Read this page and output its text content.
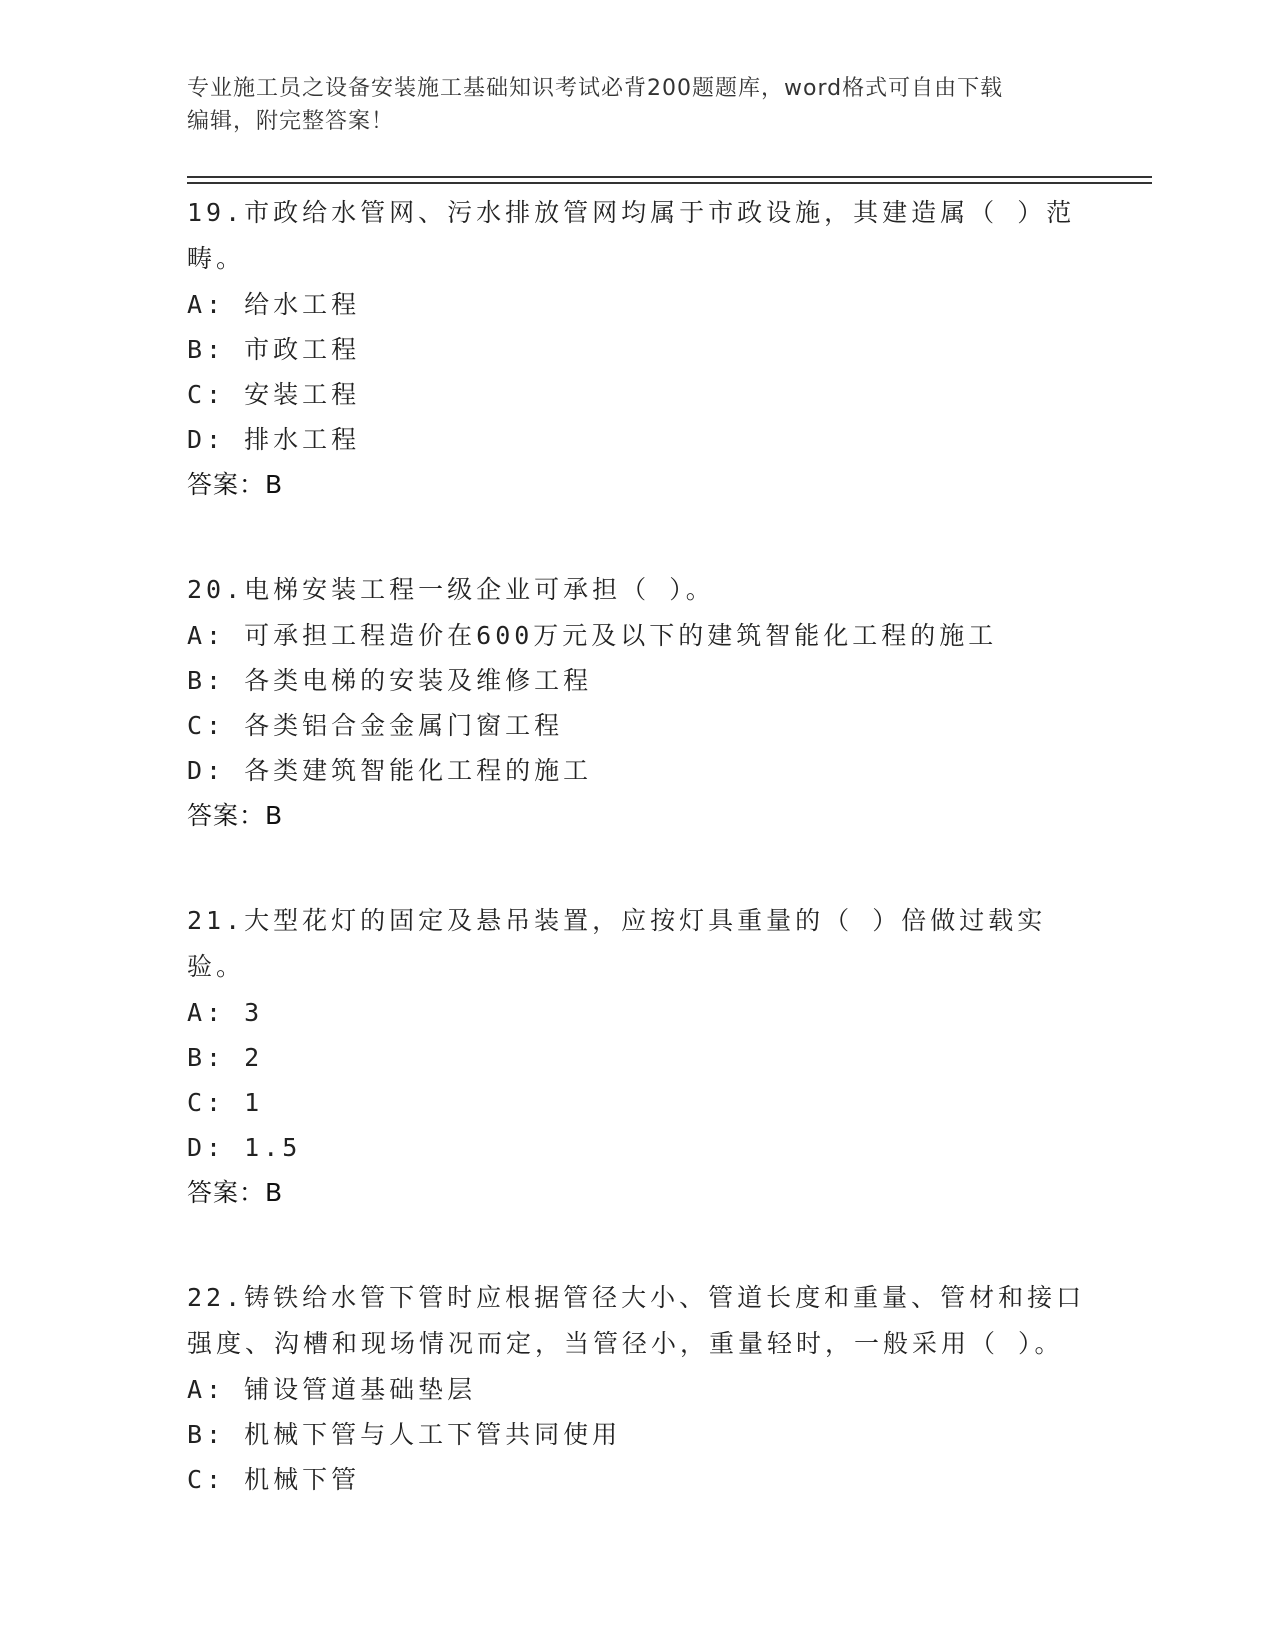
专业施工员之设备安装施工基础知识考试必背200题题库，word格式可自由下载
编辑，附完整答案！

19.市政给水管网、污水排放管网均属于市政设施，其建造属（ ）范畴。

A: 给水工程

B: 市政工程

C: 安装工程

D: 排水工程

答案：B

20.电梯安装工程一级企业可承担（ ）。

A: 可承担工程造价在600万元及以下的建筑智能化工程的施工

B: 各类电梯的安装及维修工程

C: 各类铝合金金属门窗工程

D: 各类建筑智能化工程的施工

答案：B

21.大型花灯的固定及悬吊装置，应按灯具重量的（ ）倍做过载实验。

A: 3

B: 2

C: 1

D: 1.5

答案：B

22.铸铁给水管下管时应根据管径大小、管道长度和重量、管材和接口强度、沟槽和现场情况而定，当管径小，重量轻时，一般采用（ ）。

A: 铺设管道基础垫层

B: 机械下管与人工下管共同使用

C: 机械下管
